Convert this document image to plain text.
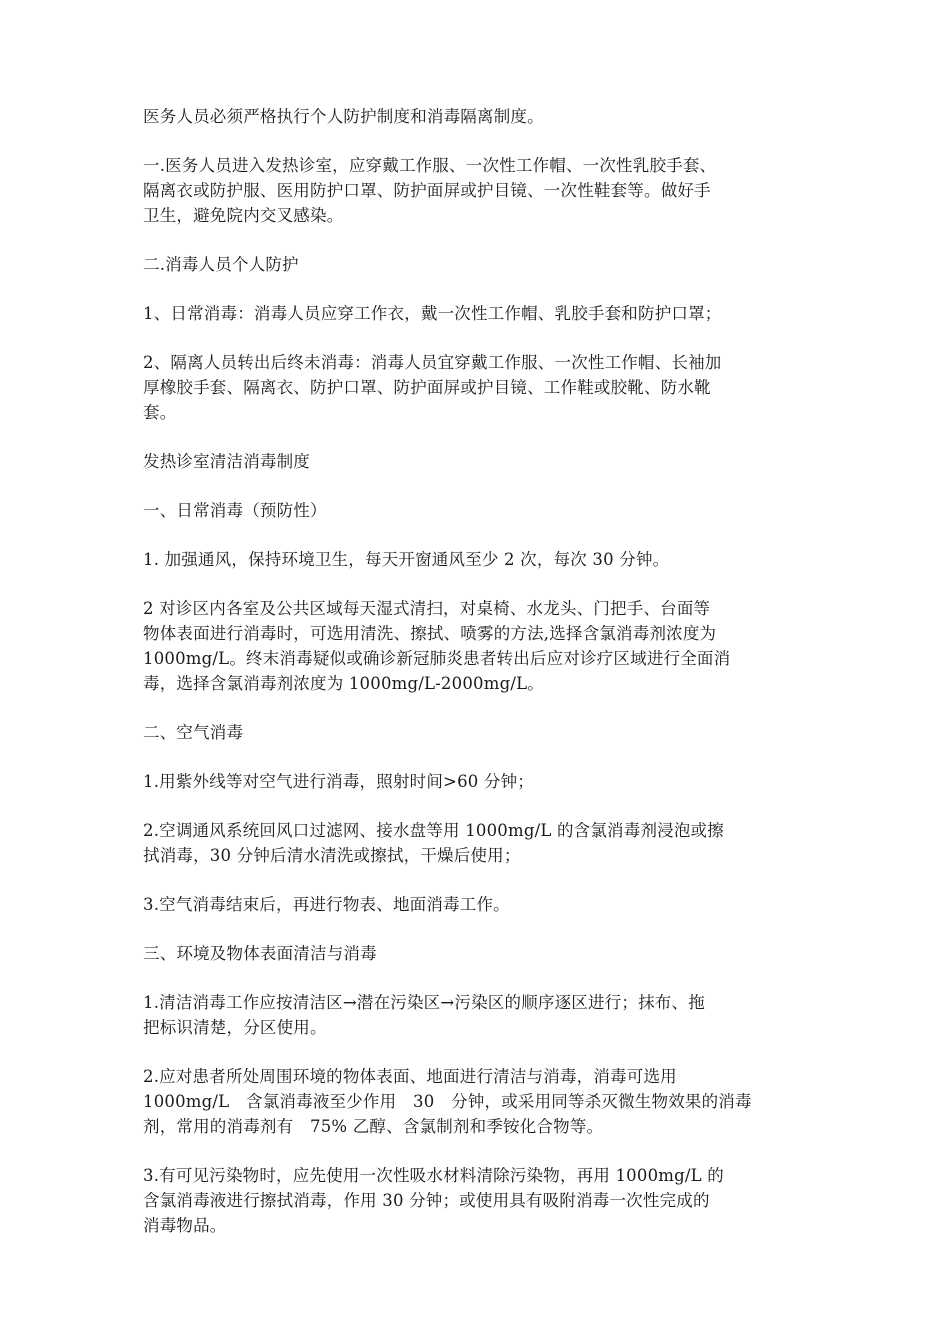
医务人员必须严格执行个人防护制度和消毒隔离制度。

一.医务人员进入发热诊室，应穿戴工作服、一次性工作帽、一次性乳胶手套、
隔离衣或防护服、医用防护口罩、防护面屏或护目镜、一次性鞋套等。做好手
卫生，避免院内交叉感染。

二.消毒人员个人防护

1、日常消毒：消毒人员应穿工作衣，戴一次性工作帽、乳胶手套和防护口罩；

2、隔离人员转出后终未消毒：消毒人员宜穿戴工作服、一次性工作帽、长袖加
厚橡胶手套、隔离衣、防护口罩、防护面屏或护目镜、工作鞋或胶靴、防水靴
套。

发热诊室清洁消毒制度

一、日常消毒（预防性）

1. 加强通风，保持环境卫生，每天开窗通风至少 2 次，每次 30 分钟。

2 对诊区内各室及公共区域每天湿式清扫，对桌椅、水龙头、门把手、台面等
物体表面进行消毒时，可选用清洗、擦拭、喷雾的方法,选择含氯消毒剂浓度为
1000mg/L。终末消毒疑似或确诊新冠肺炎患者转出后应对诊疗区域进行全面消
毒，选择含氯消毒剂浓度为 1000mg/L-2000mg/L。

二、空气消毒

1.用紫外线等对空气进行消毒，照射时间>60 分钟；

2.空调通风系统回风口过滤网、接水盘等用 1000mg/L 的含氯消毒剂浸泡或擦
拭消毒，30 分钟后清水清洗或擦拭，干燥后使用；

3.空气消毒结束后，再进行物表、地面消毒工作。

三、环境及物体表面清洁与消毒

1.清洁消毒工作应按清洁区→潜在污染区→污染区的顺序逐区进行；抹布、拖
把标识清楚，分区使用。

2.应对患者所处周围环境的物体表面、地面进行清洁与消毒，消毒可选用
1000mg/L　含氯消毒液至少作用　30　分钟，或采用同等杀灭微生物效果的消毒
剂，常用的消毒剂有　75% 乙醇、含氯制剂和季铵化合物等。

3.有可见污染物时，应先使用一次性吸水材料清除污染物，再用 1000mg/L 的
含氯消毒液进行擦拭消毒，作用 30 分钟；或使用具有吸附消毒一次性完成的
消毒物品。
